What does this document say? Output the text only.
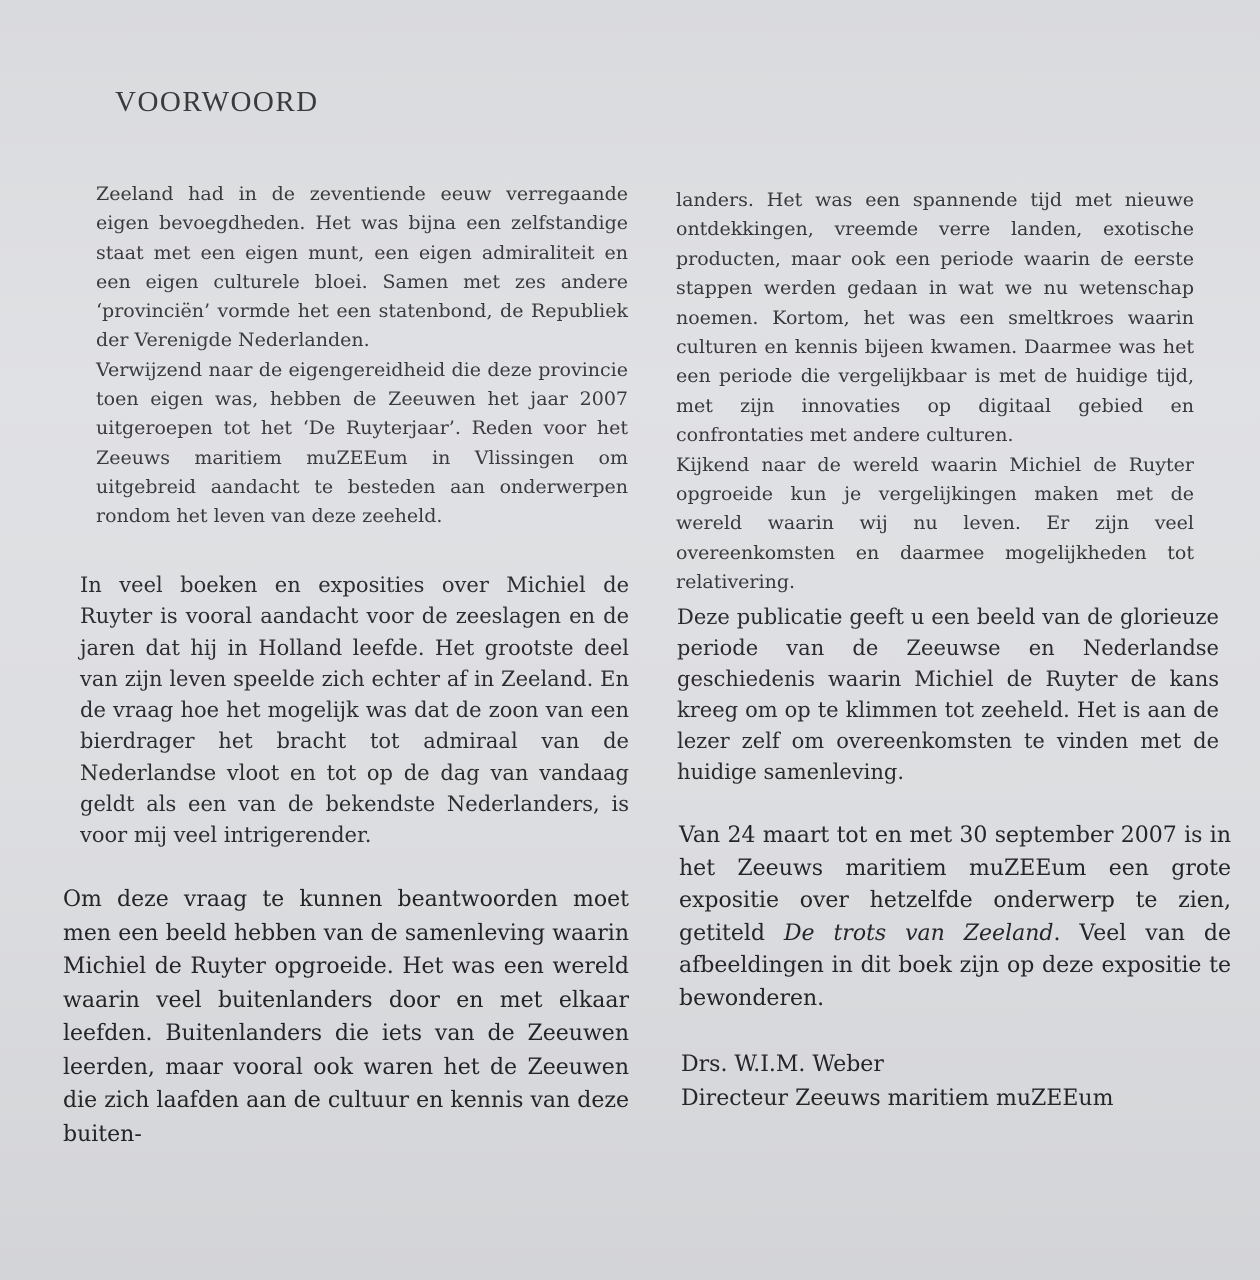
VOORWOORD

Zeeland had in de zeventiende eeuw verregaande eigen bevoegdheden. Het was bijna een zelfstandige staat met een eigen munt, een eigen admiraliteit en een eigen culturele bloei. Samen met zes andere ‘provinciën’ vormde het een statenbond, de Republiek der Verenigde Nederlanden.

Verwijzend naar de eigengereidheid die deze provincie toen eigen was, hebben de Zeeuwen het jaar 2007 uitgeroepen tot het ‘De Ruyterjaar’. Reden voor het Zeeuws maritiem muZEEum in Vlissingen om uitgebreid aandacht te besteden aan onderwerpen rondom het leven van deze zeeheld.

In veel boeken en exposities over Michiel de Ruyter is vooral aandacht voor de zeeslagen en de jaren dat hij in Holland leefde. Het grootste deel van zijn leven speelde zich echter af in Zeeland. En de vraag hoe het mogelijk was dat de zoon van een bierdrager het bracht tot admiraal van de Nederlandse vloot en tot op de dag van vandaag geldt als een van de bekendste Nederlanders, is voor mij veel intrigerender.

Om deze vraag te kunnen beantwoorden moet men een beeld hebben van de samenleving waarin Michiel de Ruyter opgroeide. Het was een wereld waarin veel buitenlanders door en met elkaar leefden. Buitenlanders die iets van de Zeeuwen leerden, maar vooral ook waren het de Zeeuwen die zich laafden aan de cultuur en kennis van deze buiten-

landers. Het was een spannende tijd met nieuwe ontdekkingen, vreemde verre landen, exotische producten, maar ook een periode waarin de eerste stappen werden gedaan in wat we nu wetenschap noemen. Kortom, het was een smeltkroes waarin culturen en kennis bijeen kwamen. Daarmee was het een periode die vergelijkbaar is met de huidige tijd, met zijn innovaties op digitaal gebied en confrontaties met andere culturen.

Kijkend naar de wereld waarin Michiel de Ruyter opgroeide kun je vergelijkingen maken met de wereld waarin wij nu leven. Er zijn veel overeenkomsten en daarmee mogelijkheden tot relativering.

Deze publicatie geeft u een beeld van de glorieuze periode van de Zeeuwse en Nederlandse geschiedenis waarin Michiel de Ruyter de kans kreeg om op te klimmen tot zeeheld. Het is aan de lezer zelf om overeenkomsten te vinden met de huidige samenleving.

Van 24 maart tot en met 30 september 2007 is in het Zeeuws maritiem muZEEum een grote expositie over hetzelfde onderwerp te zien, getiteld De trots van Zeeland. Veel van de afbeeldingen in dit boek zijn op deze expositie te bewonderen.

Drs. W.I.M. Weber

Directeur Zeeuws maritiem muZEEum
